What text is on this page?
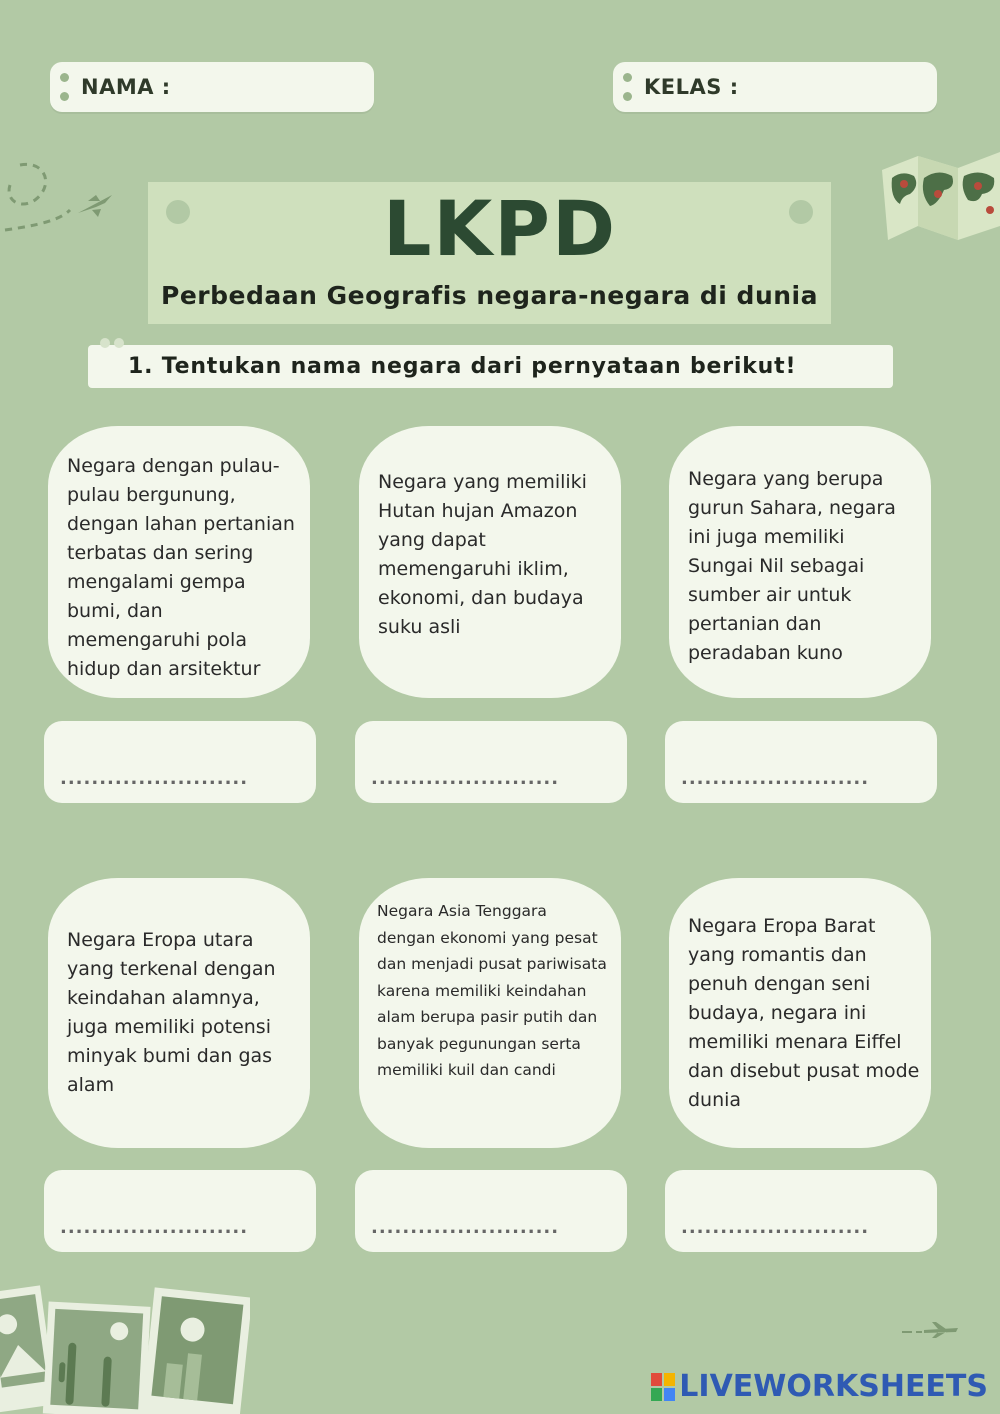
NAMA :	KELAS :
LKPD
Perbedaan Geografis negara-negara di dunia
1. Tentukan nama negara dari pernyataan berikut!

Negara dengan pulau-pulau bergunung, dengan lahan pertanian terbatas dan sering mengalami gempa bumi, dan memengaruhi pola hidup dan arsitektur

Negara yang memiliki Hutan hujan Amazon yang dapat memengaruhi iklim, ekonomi, dan budaya suku asli

Negara yang berupa gurun Sahara, negara ini juga memiliki Sungai Nil sebagai sumber air untuk pertanian dan peradaban kuno

........................	........................	........................

Negara Eropa utara yang terkenal dengan keindahan alamnya, juga memiliki potensi minyak bumi dan gas alam

Negara Asia Tenggara dengan ekonomi yang pesat dan menjadi pusat pariwisata karena memiliki keindahan alam berupa pasir putih dan banyak pegunungan serta memiliki kuil dan candi

Negara Eropa Barat yang romantis dan penuh dengan seni budaya, negara ini memiliki menara Eiffel dan disebut pusat mode dunia

........................	........................	........................
LIVEWORKSHEETS
